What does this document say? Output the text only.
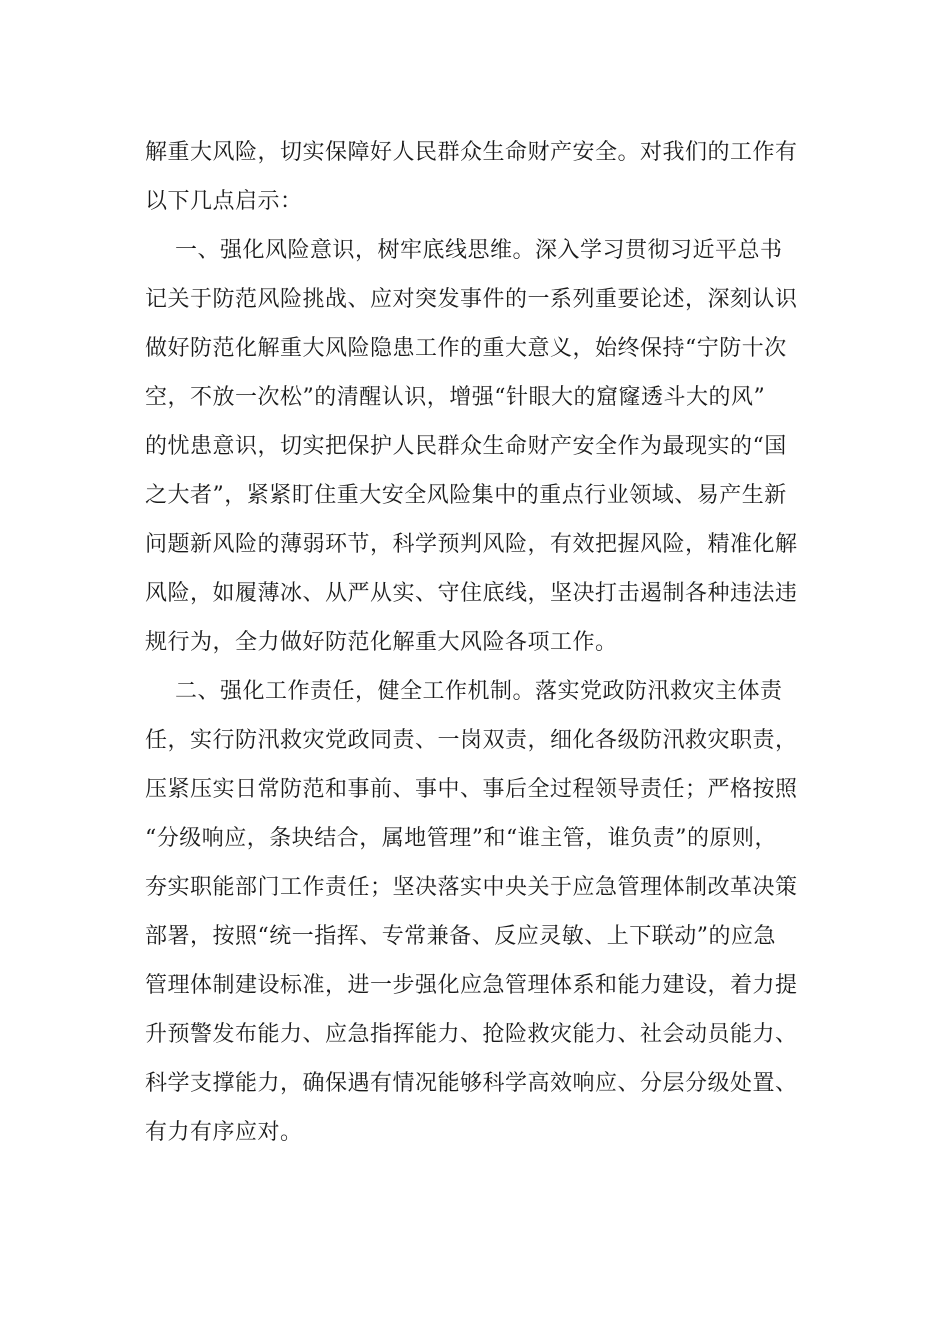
解重大风险，切实保障好人民群众生命财产安全。对我们的工作有
以下几点启示：
一、强化风险意识，树牢底线思维。深入学习贯彻习近平总书
记关于防范风险挑战、应对突发事件的一系列重要论述，深刻认识
做好防范化解重大风险隐患工作的重大意义，始终保持“宁防十次
空，不放一次松”的清醒认识，增强“针眼大的窟窿透斗大的风”
的忧患意识，切实把保护人民群众生命财产安全作为最现实的“国
之大者”，紧紧盯住重大安全风险集中的重点行业领域、易产生新
问题新风险的薄弱环节，科学预判风险，有效把握风险，精准化解
风险，如履薄冰、从严从实、守住底线，坚决打击遏制各种违法违
规行为，全力做好防范化解重大风险各项工作。
二、强化工作责任，健全工作机制。落实党政防汛救灾主体责
任，实行防汛救灾党政同责、一岗双责，细化各级防汛救灾职责，
压紧压实日常防范和事前、事中、事后全过程领导责任；严格按照
“分级响应，条块结合，属地管理”和“谁主管，谁负责”的原则，
夯实职能部门工作责任；坚决落实中央关于应急管理体制改革决策
部署，按照“统一指挥、专常兼备、反应灵敏、上下联动”的应急
管理体制建设标准，进一步强化应急管理体系和能力建设，着力提
升预警发布能力、应急指挥能力、抢险救灾能力、社会动员能力、
科学支撑能力，确保遇有情况能够科学高效响应、分层分级处置、
有力有序应对。
